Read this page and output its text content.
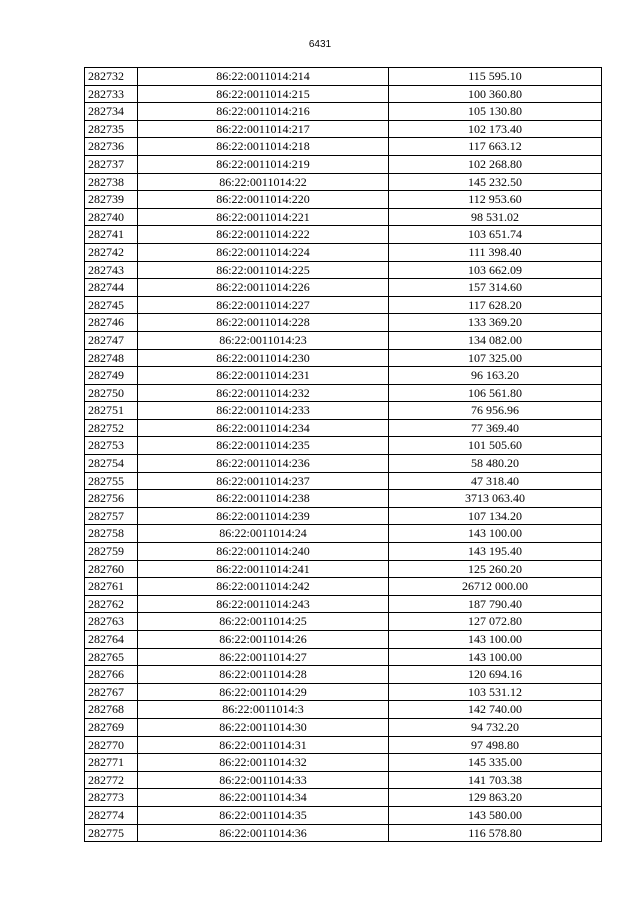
6431
282732	86:22:0011014:214	115 595.10
282733	86:22:0011014:215	100 360.80
282734	86:22:0011014:216	105 130.80
282735	86:22:0011014:217	102 173.40
282736	86:22:0011014:218	117 663.12
282737	86:22:0011014:219	102 268.80
282738	86:22:0011014:22	145 232.50
282739	86:22:0011014:220	112 953.60
282740	86:22:0011014:221	98 531.02
282741	86:22:0011014:222	103 651.74
282742	86:22:0011014:224	111 398.40
282743	86:22:0011014:225	103 662.09
282744	86:22:0011014:226	157 314.60
282745	86:22:0011014:227	117 628.20
282746	86:22:0011014:228	133 369.20
282747	86:22:0011014:23	134 082.00
282748	86:22:0011014:230	107 325.00
282749	86:22:0011014:231	96 163.20
282750	86:22:0011014:232	106 561.80
282751	86:22:0011014:233	76 956.96
282752	86:22:0011014:234	77 369.40
282753	86:22:0011014:235	101 505.60
282754	86:22:0011014:236	58 480.20
282755	86:22:0011014:237	47 318.40
282756	86:22:0011014:238	3713 063.40
282757	86:22:0011014:239	107 134.20
282758	86:22:0011014:24	143 100.00
282759	86:22:0011014:240	143 195.40
282760	86:22:0011014:241	125 260.20
282761	86:22:0011014:242	26712 000.00
282762	86:22:0011014:243	187 790.40
282763	86:22:0011014:25	127 072.80
282764	86:22:0011014:26	143 100.00
282765	86:22:0011014:27	143 100.00
282766	86:22:0011014:28	120 694.16
282767	86:22:0011014:29	103 531.12
282768	86:22:0011014:3	142 740.00
282769	86:22:0011014:30	94 732.20
282770	86:22:0011014:31	97 498.80
282771	86:22:0011014:32	145 335.00
282772	86:22:0011014:33	141 703.38
282773	86:22:0011014:34	129 863.20
282774	86:22:0011014:35	143 580.00
282775	86:22:0011014:36	116 578.80
